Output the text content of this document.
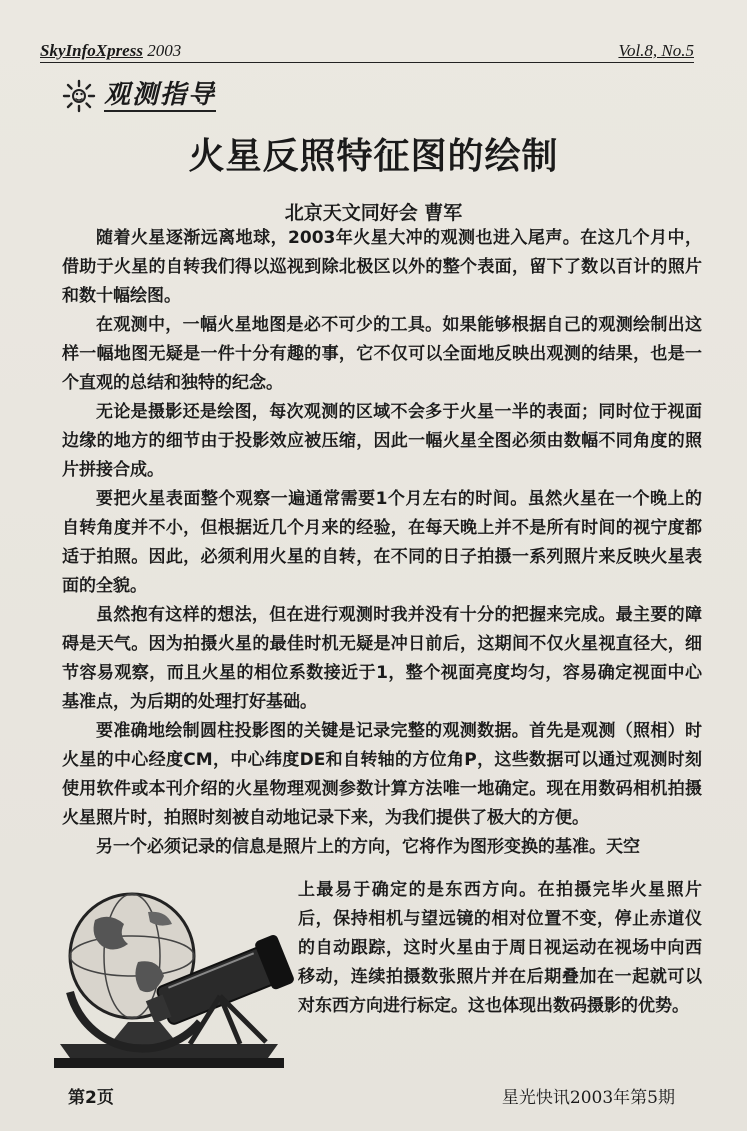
SkyInfoXpress 2003	Vol.8, No.5
观测指导
火星反照特征图的绘制
北京天文同好会 曹军

随着火星逐渐远离地球，2003年火星大冲的观测也进入尾声。在这几个月中，借助于火星的自转我们得以巡视到除北极区以外的整个表面，留下了数以百计的照片和数十幅绘图。

在观测中，一幅火星地图是必不可少的工具。如果能够根据自己的观测绘制出这样一幅地图无疑是一件十分有趣的事，它不仅可以全面地反映出观测的结果，也是一个直观的总结和独特的纪念。

无论是摄影还是绘图，每次观测的区域不会多于火星一半的表面；同时位于视面边缘的地方的细节由于投影效应被压缩，因此一幅火星全图必须由数幅不同角度的照片拼接合成。

要把火星表面整个观察一遍通常需要1个月左右的时间。虽然火星在一个晚上的自转角度并不小，但根据近几个月来的经验，在每天晚上并不是所有时间的视宁度都适于拍照。因此，必须利用火星的自转，在不同的日子拍摄一系列照片来反映火星表面的全貌。

虽然抱有这样的想法，但在进行观测时我并没有十分的把握来完成。最主要的障碍是天气。因为拍摄火星的最佳时机无疑是冲日前后，这期间不仅火星视直径大，细节容易观察，而且火星的相位系数接近于1，整个视面亮度均匀，容易确定视面中心基准点，为后期的处理打好基础。

要准确地绘制圆柱投影图的关键是记录完整的观测数据。首先是观测（照相）时火星的中心经度CM，中心纬度DE和自转轴的方位角P，这些数据可以通过观测时刻使用软件或本刊介绍的火星物理观测参数计算方法唯一地确定。现在用数码相机拍摄火星照片时，拍照时刻被自动地记录下来，为我们提供了极大的方便。

另一个必须记录的信息是照片上的方向，它将作为图形变换的基准。天空

上最易于确定的是东西方向。在拍摄完毕火星照片后，保持相机与望远镜的相对位置不变，停止赤道仪的自动跟踪，这时火星由于周日视运动在视场中向西移动，连续拍摄数张照片并在后期叠加在一起就可以对东西方向进行标定。这也体现出数码摄影的优势。
第2页	星光快讯2003年第5期
